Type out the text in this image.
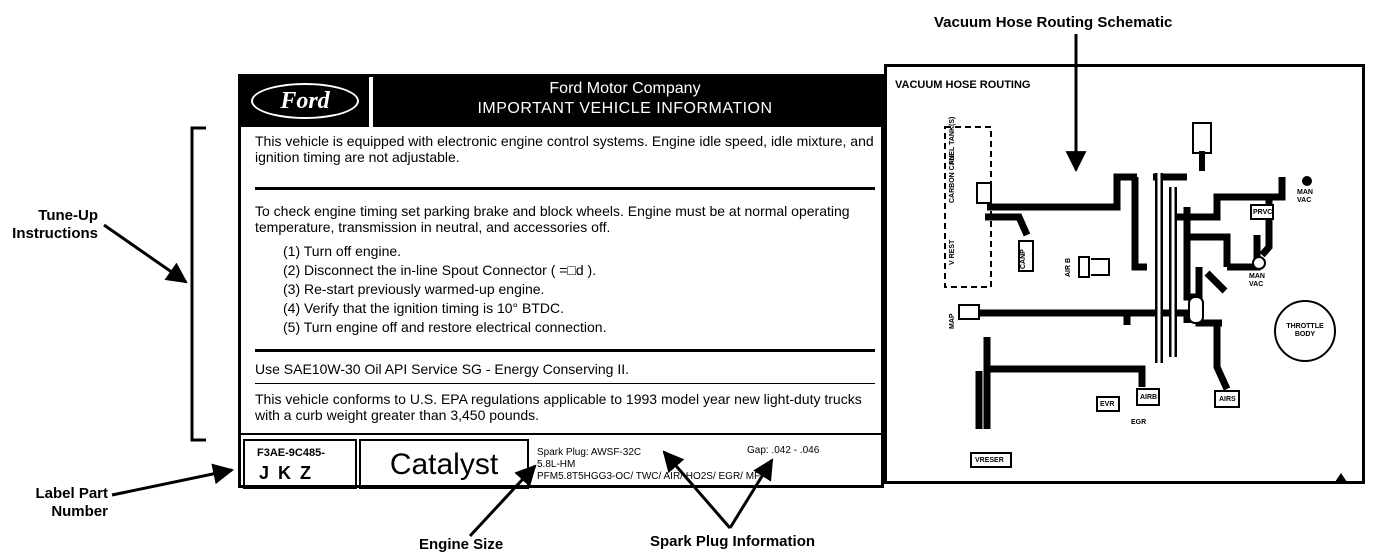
Vacuum Hose Routing Schematic
Tune-Up
Instructions
Label Part
Number
Engine Size	Spark Plug Information
Ford	Ford Motor Company
IMPORTANT VEHICLE INFORMATION
This vehicle is equipped with electronic engine control systems. Engine idle speed, idle mixture, and ignition timing are not adjustable.
To check engine timing set parking brake and block wheels. Engine must be at normal operating temperature, transmission in neutral, and accessories off.
(1) Turn off engine.
(2) Disconnect the in-line Spout Connector ( =□d ).
(3) Re-start previously warmed-up engine.
(4) Verify that the ignition timing is 10° BTDC.
(5) Turn engine off and restore electrical connection.
Use SAE10W-30 Oil API Service SG - Energy Conserving II.
This vehicle conforms to U.S. EPA regulations applicable to 1993 model year new light-duty trucks with a curb weight greater than 3,450 pounds.
F3AE-9C485-
J K Z	Catalyst	Spark Plug: AWSF-32C	Gap: .042 - .046
5.8L-HM
PFM5.8T5HGG3-OC/ TWC/ AIR/ HO2S/ EGR/ MFI
VACUUM HOSE ROUTING
CARBON CAN
V REST
FUEL TANK(S)
CANP
MAN VAC
MAN VAC
PRVC
AIR B
MAP	THROTTLE BODY
EVR
AIRB
EGR
VRESER
AIRS
